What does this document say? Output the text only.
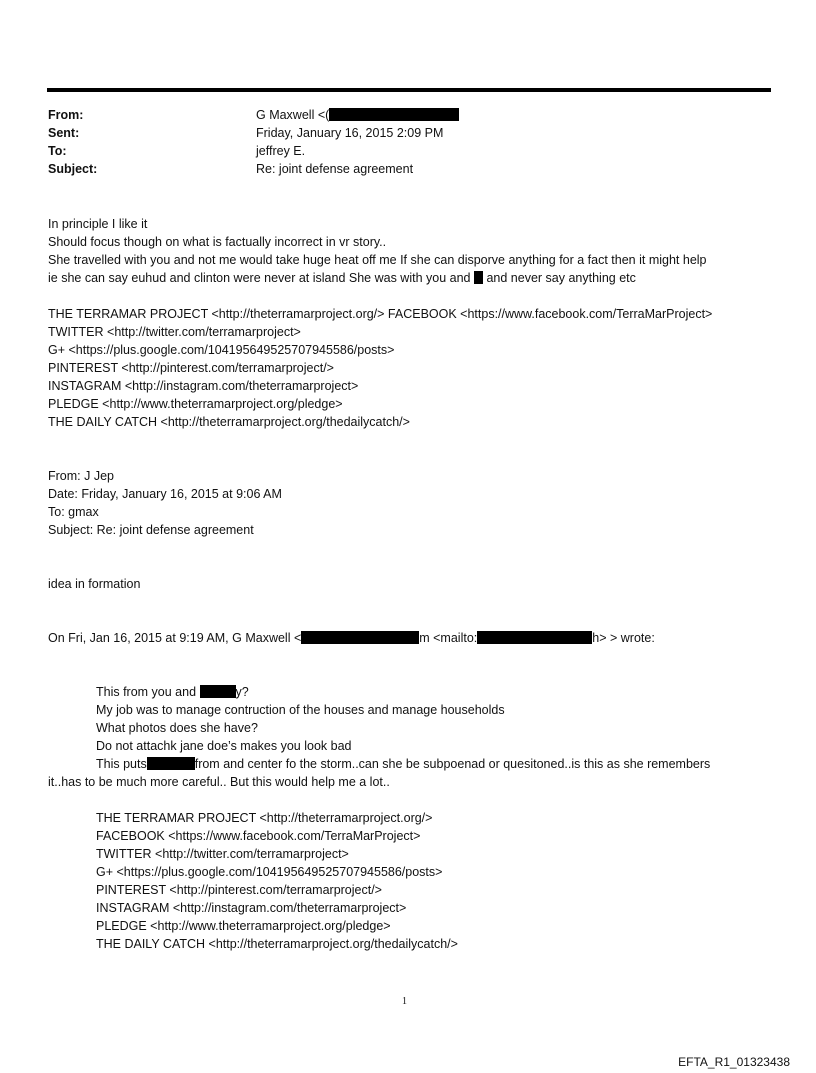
From:	G Maxwell <(
Sent:	Friday, January 16, 2015 2:09 PM
To:	jeffrey E.
Subject:	Re: joint defense agreement
In principle I like it
Should focus though on what is factually incorrect in vr story..
She travelled with you and not me would take huge heat off me If she can disporve anything for a fact then it might help
ie she can say euhud and clinton were never at island She was with you and and never say anything etc
THE TERRAMAR PROJECT <http://theterramarproject.org/> FACEBOOK <https://www.facebook.com/TerraMarProject>
TWITTER <http://twitter.com/terramarproject>
G+ <https://plus.google.com/104195649525707945586/posts>
PINTEREST <http://pinterest.com/terramarproject/>
INSTAGRAM <http://instagram.com/theterramarproject>
PLEDGE <http://www.theterramarproject.org/pledge>
THE DAILY CATCH <http://theterramarproject.org/thedailycatch/>
From: J Jep
Date: Friday, January 16, 2015 at 9:06 AM
To: gmax
Subject: Re: joint defense agreement
idea in formation
On Fri, Jan 16, 2015 at 9:19 AM, G Maxwell <	m <mailto:	h> > wrote:
This from you and	y?
My job was to manage contruction of the houses and manage households
What photos does she have?
Do not attachk jane doe’s makes you look bad
This puts	from and center fo the storm..can she be subpoenad or quesitoned..is this as she remembers
it..has to be much more careful.. But this would help me a lot..
THE TERRAMAR PROJECT <http://theterramarproject.org/>
FACEBOOK <https://www.facebook.com/TerraMarProject>
TWITTER <http://twitter.com/terramarproject>
G+ <https://plus.google.com/104195649525707945586/posts>
PINTEREST <http://pinterest.com/terramarproject/>
INSTAGRAM <http://instagram.com/theterramarproject>
PLEDGE <http://www.theterramarproject.org/pledge>
THE DAILY CATCH <http://theterramarproject.org/thedailycatch/>
1
EFTA_R1_01323438
